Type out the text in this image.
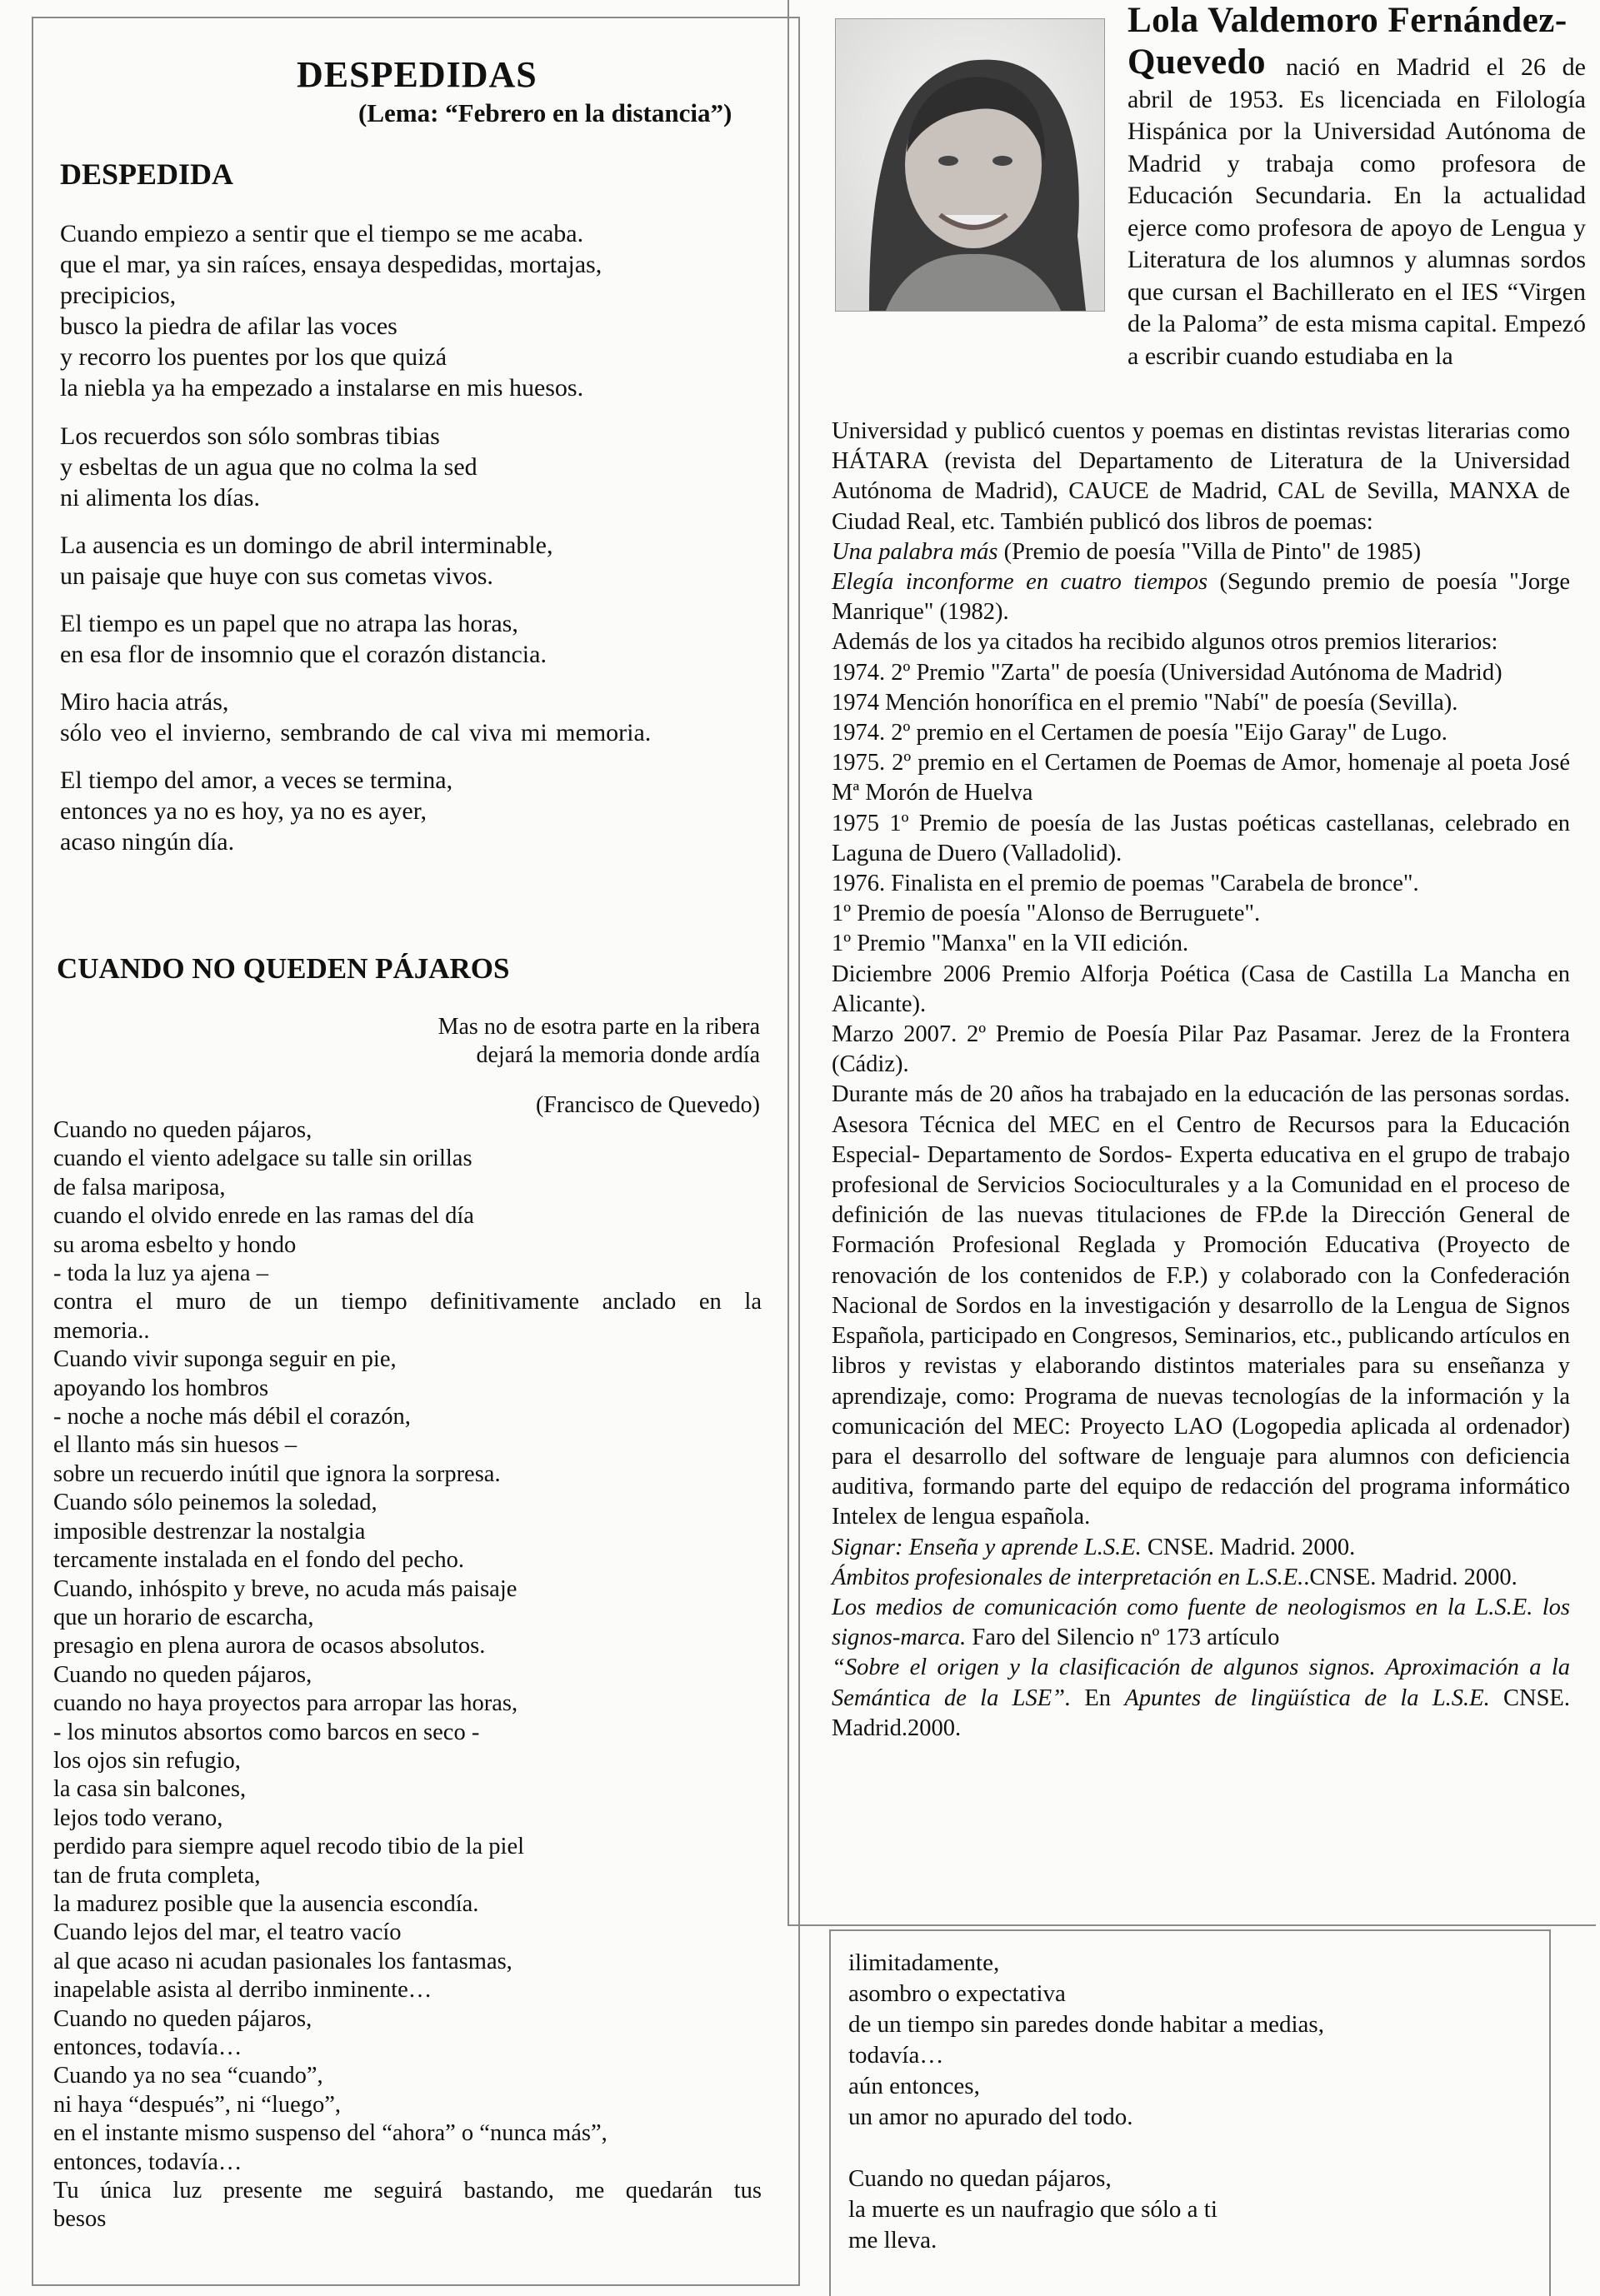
DESPEDIDAS
(Lema: “Febrero en la distancia”)
DESPEDIDA
Cuando empiezo a sentir que el tiempo se me acaba.
que el mar, ya sin raíces, ensaya despedidas, mortajas,
precipicios,
busco la piedra de afilar las voces
y recorro los puentes por los que quizá
la niebla ya ha empezado a instalarse en mis huesos.
Los recuerdos son sólo sombras tibias
y esbeltas de un agua que no colma la sed
ni alimenta los días.
La ausencia es un domingo de abril interminable,
un paisaje que huye con sus cometas vivos.
El tiempo es un papel que no atrapa las horas,
en esa flor de insomnio que el corazón distancia.
Miro hacia atrás,
sólo veo el invierno, sembrando de cal viva mi memoria.
El tiempo del amor, a veces se termina,
entonces ya no es hoy, ya no es ayer,
acaso ningún día.
CUANDO NO QUEDEN PÁJAROS
Mas no de esotra parte en la ribera
dejará la memoria donde ardía
(Francisco de Quevedo)
Cuando no queden pájaros,
cuando el viento adelgace su talle sin orillas
de falsa mariposa,
cuando el olvido enrede en las ramas del día
su aroma esbelto y hondo
- toda la luz ya ajena –
contra el muro de un tiempo definitivamente anclado en la
memoria..
Cuando vivir suponga seguir en pie,
apoyando los hombros
- noche a noche más débil el corazón,
el llanto más sin huesos –
sobre un recuerdo inútil que ignora la sorpresa.
Cuando sólo peinemos la soledad,
imposible destrenzar la nostalgia
tercamente instalada en el fondo del pecho.
Cuando, inhóspito y breve, no acuda más paisaje
que un horario de escarcha,
presagio en plena aurora de ocasos absolutos.
Cuando no queden pájaros,
cuando no haya proyectos para arropar las horas,
- los minutos absortos como barcos en seco -
los ojos sin refugio,
la casa sin balcones,
lejos todo verano,
perdido para siempre aquel recodo tibio de la piel
tan de fruta completa,
la madurez posible que la ausencia escondía.
Cuando lejos del mar, el teatro vacío
al que acaso ni acudan pasionales los fantasmas,
inapelable asista al derribo inminente…
Cuando no queden pájaros,
entonces, todavía…
Cuando ya no sea “cuando”,
ni haya “después”, ni “luego”,
en el instante mismo suspenso del “ahora” o “nunca más”,
entonces, todavía…
Tu única luz presente me seguirá bastando, me quedarán tus
besos
Lola Valdemoro Fernández-
Quevedo nació en Madrid el 26 de abril de 1953. Es licenciada en Filología Hispánica por la Universidad Autónoma de Madrid y trabaja como profesora de Educación Secundaria. En la actualidad ejerce como profesora de apoyo de Lengua y Literatura de los alumnos y alumnas sordos que cursan el Bachillerato en el IES “Virgen de la Paloma” de esta misma capital. Empezó a escribir cuando estudiaba en la
Universidad y publicó cuentos y poemas en distintas revistas literarias como HÁTARA (revista del Departamento de Literatura de la Universidad Autónoma de Madrid), CAUCE de Madrid, CAL de Sevilla, MANXA de Ciudad Real, etc. También publicó dos libros de poemas:
Una palabra más (Premio de poesía "Villa de Pinto" de 1985)
Elegía inconforme en cuatro tiempos (Segundo premio de poesía "Jorge Manrique" (1982).
Además de los ya citados ha recibido algunos otros premios literarios:
1974. 2º Premio "Zarta" de poesía (Universidad Autónoma de Madrid)
1974 Mención honorífica en el premio "Nabí" de poesía (Sevilla).
1974. 2º premio en el Certamen de poesía "Eijo Garay" de Lugo.
1975. 2º premio en el Certamen de Poemas de Amor, homenaje al poeta José Mª Morón de Huelva
1975 1º Premio de poesía de las Justas poéticas castellanas, celebrado en Laguna de Duero (Valladolid).
1976. Finalista en el premio de poemas "Carabela de bronce".
1º Premio de poesía "Alonso de Berruguete".
1º Premio "Manxa" en la VII edición.
Diciembre 2006 Premio Alforja Poética (Casa de Castilla La Mancha en Alicante).
Marzo 2007. 2º Premio de Poesía Pilar Paz Pasamar. Jerez de la Frontera (Cádiz).
Durante más de 20 años ha trabajado en la educación de las personas sordas. Asesora Técnica del MEC en el Centro de Recursos para la Educación Especial- Departamento de Sordos- Experta educativa en el grupo de trabajo profesional de Servicios Socioculturales y a la Comunidad en el proceso de definición de las nuevas titulaciones de FP.de la Dirección General de Formación Profesional Reglada y Promoción Educativa (Proyecto de renovación de los contenidos de F.P.) y colaborado con la Confederación Nacional de Sordos en la investigación y desarrollo de la Lengua de Signos Española, participado en Congresos, Seminarios, etc., publicando artículos en libros y revistas y elaborando distintos materiales para su enseñanza y aprendizaje, como: Programa de nuevas tecnologías de la información y la comunicación del MEC: Proyecto LAO (Logopedia aplicada al ordenador) para el desarrollo del software de lenguaje para alumnos con deficiencia auditiva, formando parte del equipo de redacción del programa informático Intelex de lengua española.
Signar: Enseña y aprende L.S.E. CNSE. Madrid. 2000.
Ámbitos profesionales de interpretación en L.S.E..CNSE. Madrid. 2000.
Los medios de comunicación como fuente de neologismos en la L.S.E. los signos-marca. Faro del Silencio nº 173 artículo
“Sobre el origen y la clasificación de algunos signos. Aproximación a la Semántica de la LSE”. En Apuntes de lingüística de la L.S.E. CNSE. Madrid.2000.
ilimitadamente,
asombro o expectativa
de un tiempo sin paredes donde habitar a medias,
todavía…
aún entonces,
un amor no apurado del todo.
Cuando no quedan pájaros,
la muerte es un naufragio que sólo a ti
me lleva.
